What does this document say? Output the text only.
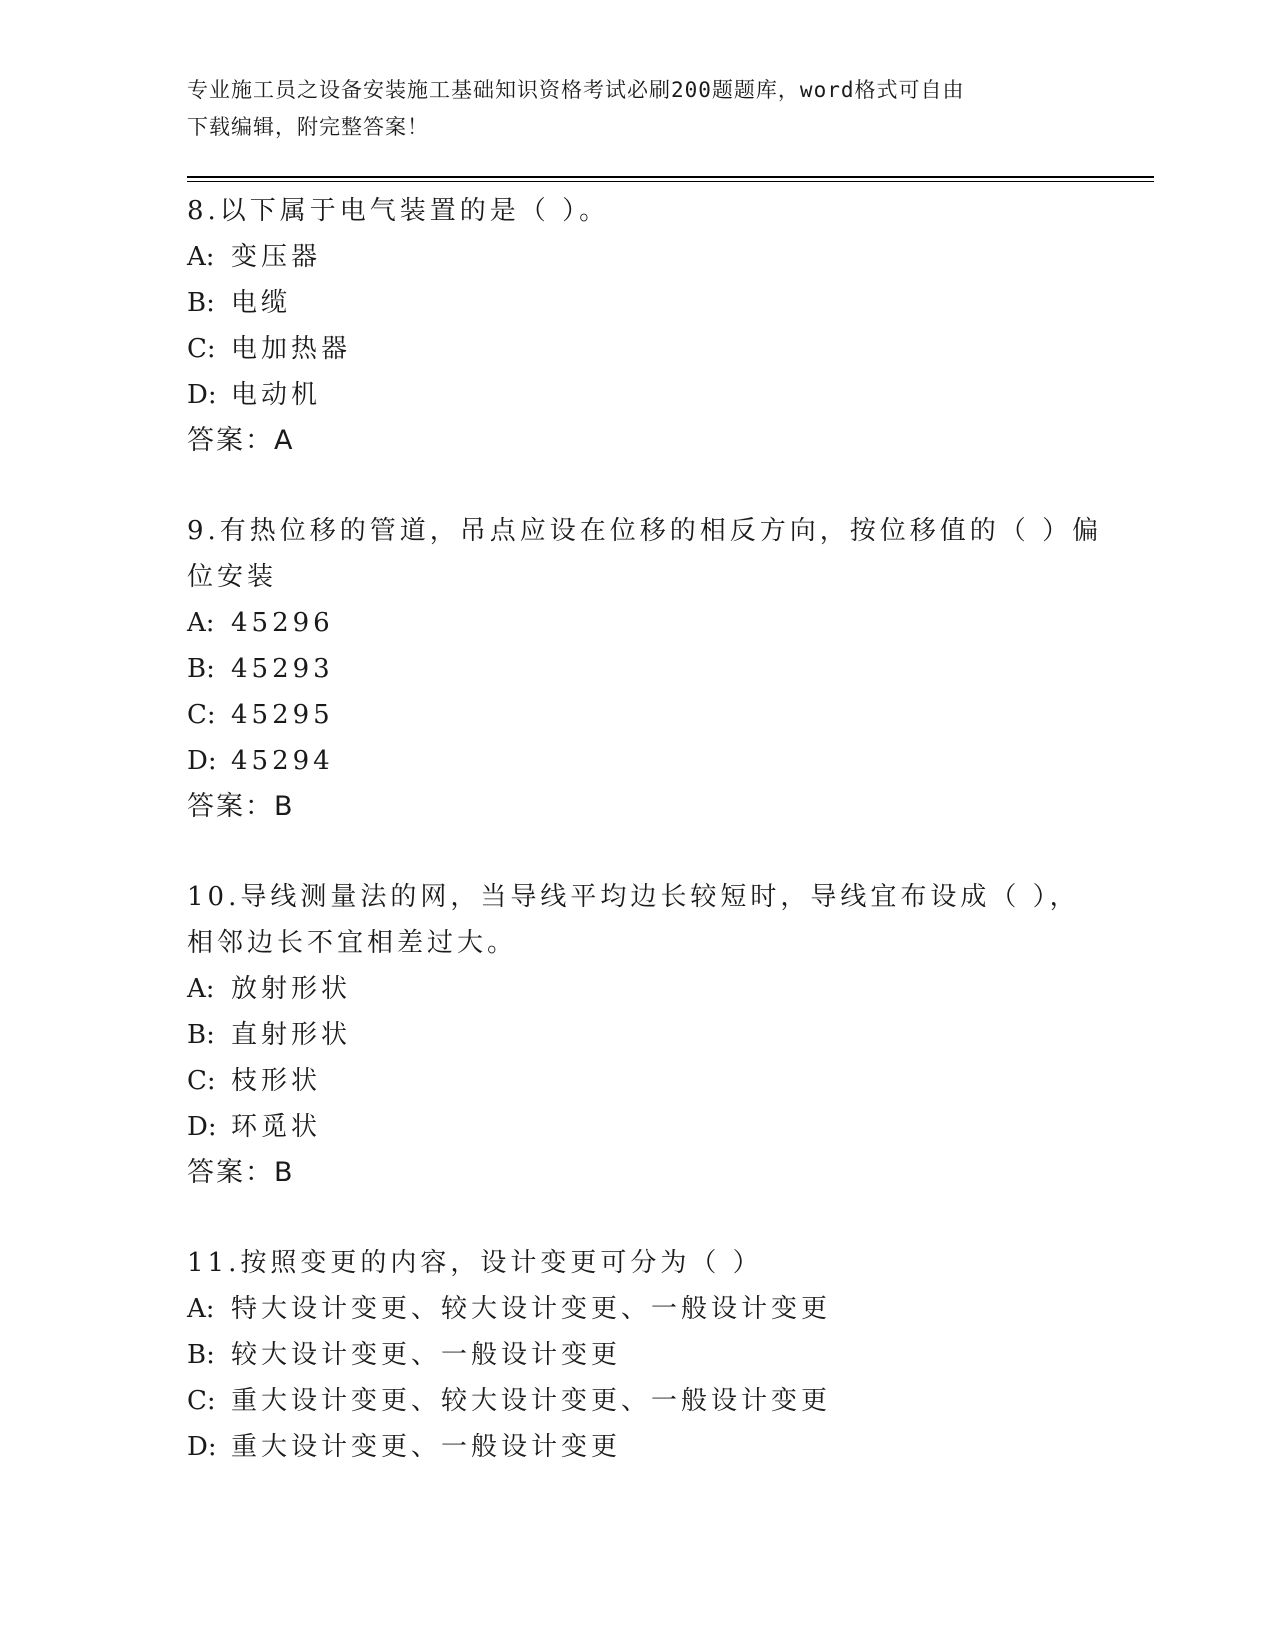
专业施工员之设备安装施工基础知识资格考试必刷200题题库，word格式可自由
下载编辑，附完整答案！
8.以下属于电气装置的是（ ）。
A: 变压器
B: 电缆
C: 电加热器
D: 电动机
答案：A
9.有热位移的管道，吊点应设在位移的相反方向，按位移值的（ ）偏
位安装
A: 45296
B: 45293
C: 45295
D: 45294
答案：B
10.导线测量法的网，当导线平均边长较短时，导线宜布设成（ ），
相邻边长不宜相差过大。
A: 放射形状
B: 直射形状
C: 枝形状
D: 环觅状
答案：B
11.按照变更的内容，设计变更可分为（ ）
A: 特大设计变更、较大设计变更、一般设计变更
B: 较大设计变更、一般设计变更
C: 重大设计变更、较大设计变更、一般设计变更
D: 重大设计变更、一般设计变更
